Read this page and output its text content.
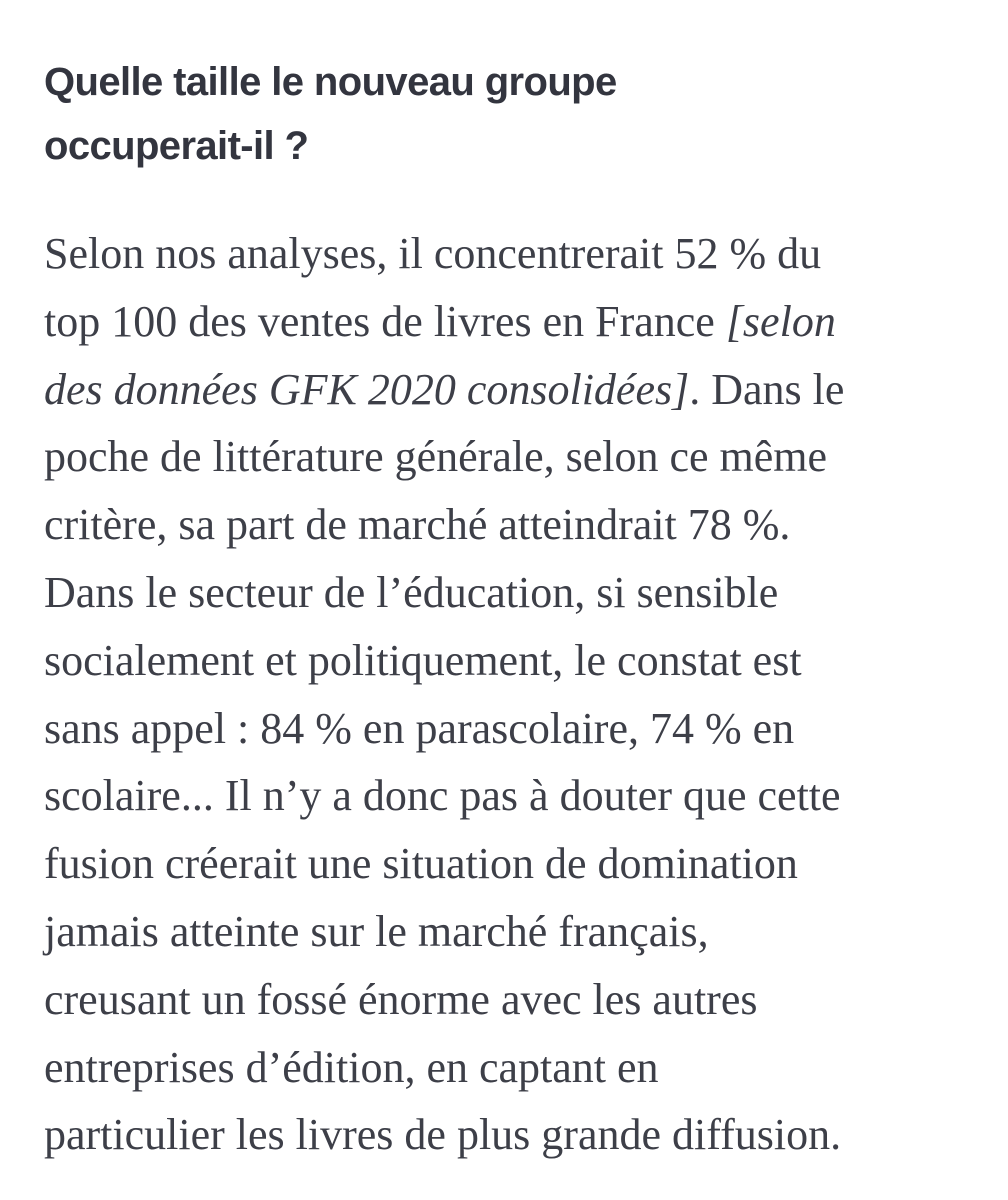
Quelle taille le nouveau groupe
occuperait-il ?

Selon nos analyses, il concentrerait 52 % du
top 100 des ventes de livres en France [selon
des données GFK 2020 consolidées]. Dans le
poche de littérature générale, selon ce même
critère, sa part de marché atteindrait 78 %.
Dans le secteur de l’éducation, si sensible
socialement et politiquement, le constat est
sans appel : 84 % en parascolaire, 74 % en
scolaire... Il n’y a donc pas à douter que cette
fusion créerait une situation de domination
jamais atteinte sur le marché français,
creusant un fossé énorme avec les autres
entreprises d’édition, en captant en
particulier les livres de plus grande diffusion.
